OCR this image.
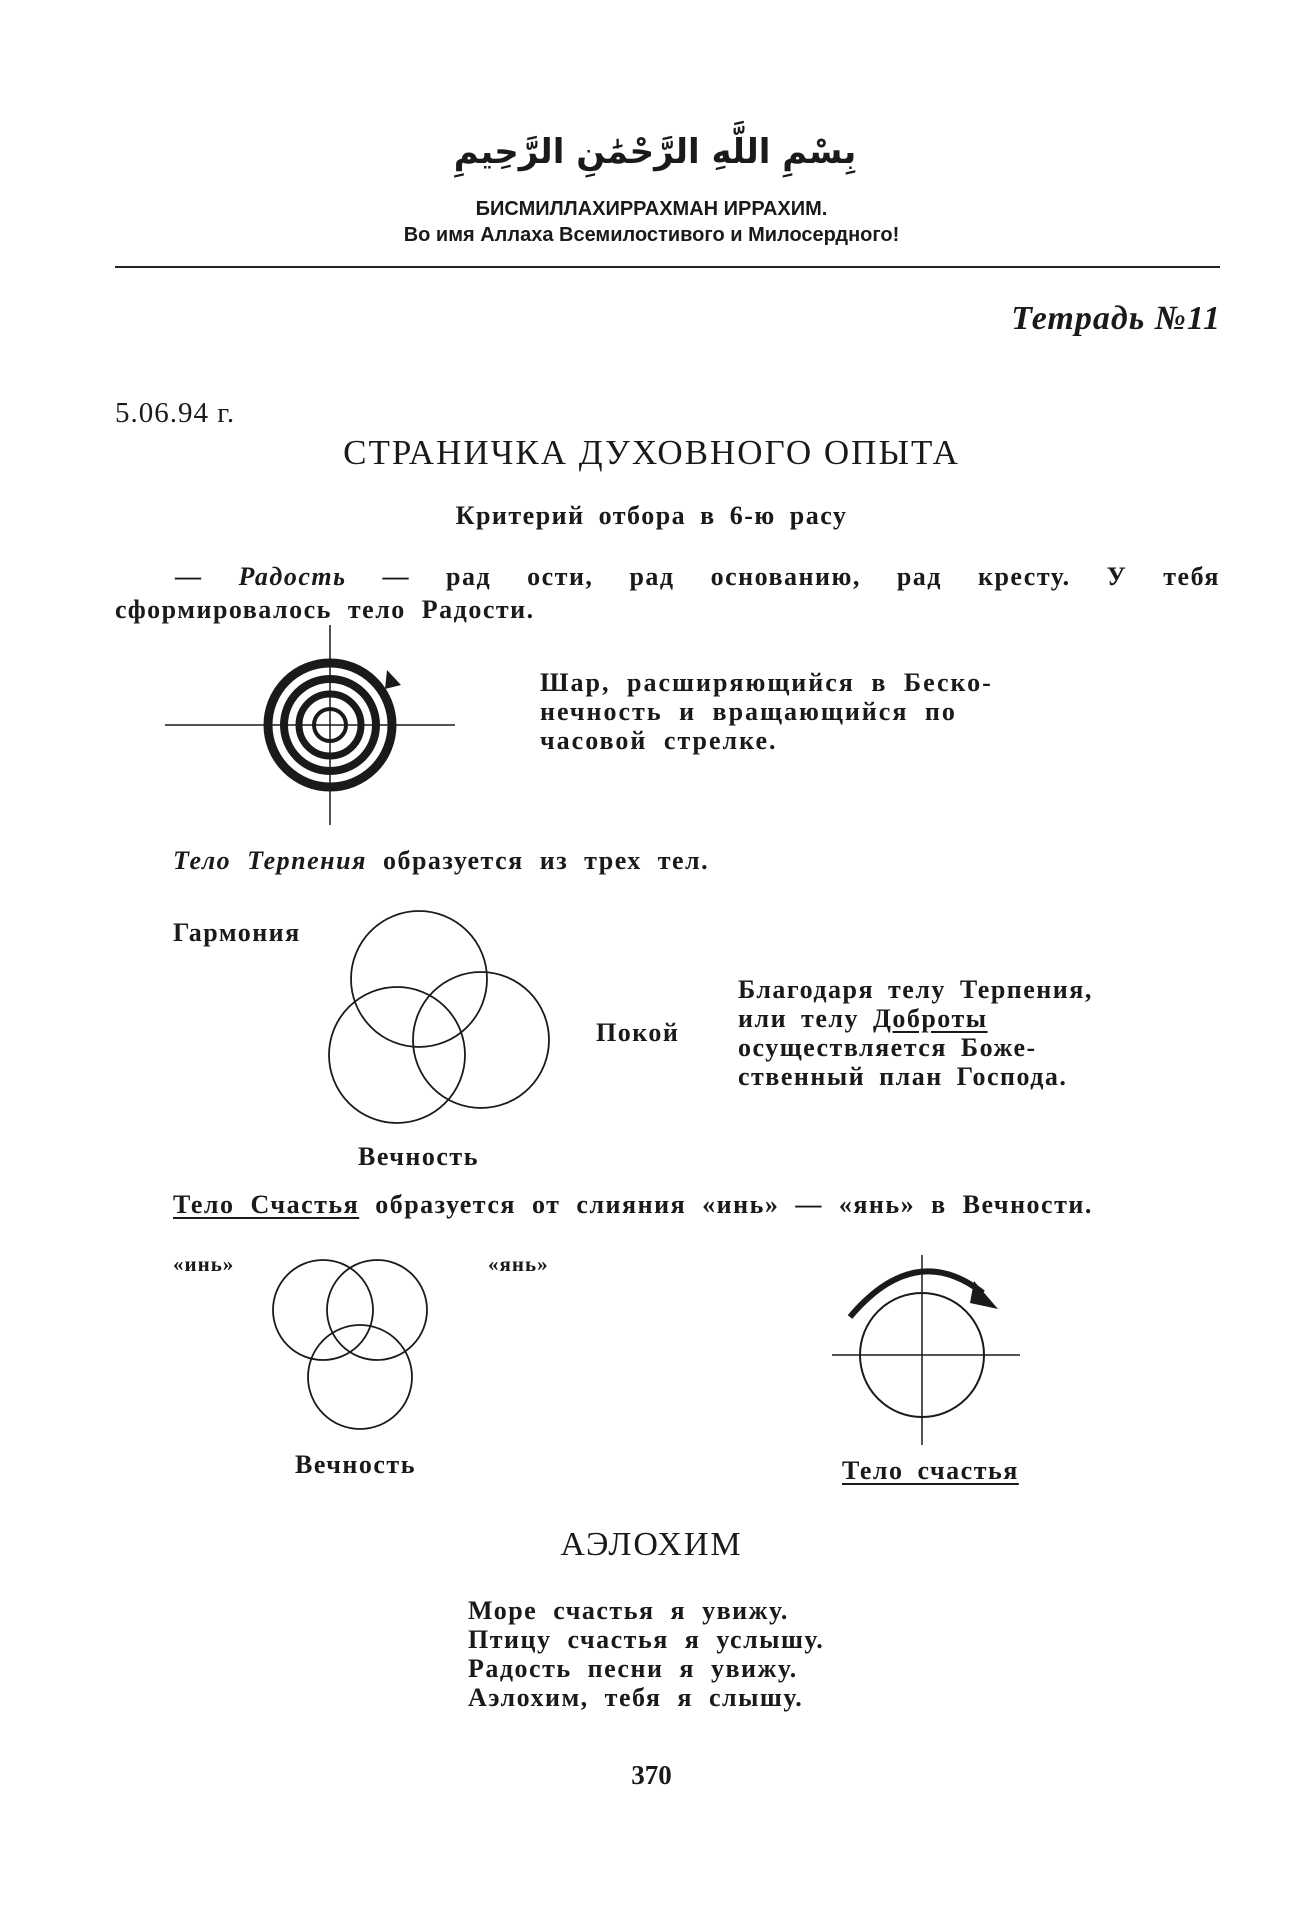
بِسْمِ اللَّهِ الرَّحْمَٰنِ الرَّحِيمِ
БИСМИЛЛАХИРРАХМАН ИРРАХИМ.
Во имя Аллаха Всемилостивого и Милосердного!
Тетрадь №11
5.06.94 г.
СТРАНИЧКА ДУХОВНОГО ОПЫТА
Критерий отбора в 6-ю расу
— Радость — рад ости, рад основанию, рад кресту. У тебя сформировалось тело Радости.
Шар, расширяющийся в Беско-
нечность и вращающийся по
часовой стрелке.
Тело Терпения образуется из трех тел.
Гармония
Покой
Благодаря телу Терпения,
или телу Доброты
осуществляется Боже-
ственный план Господа.
Вечность
Тело Счастья образуется от слияния «инь» — «янь» в Вечности.
«инь»	«янь»
Вечность	Тело счастья
АЭЛОХИМ
Море счастья я увижу.
Птицу счастья я услышу.
Радость песни я увижу.
Аэлохим, тебя я слышу.
370
